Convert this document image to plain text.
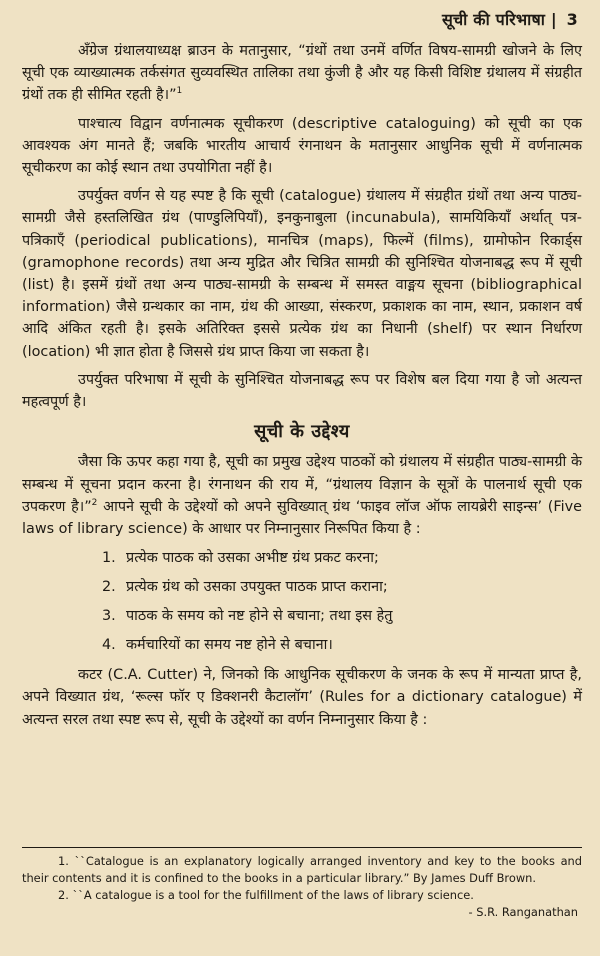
सूची की परिभाषा | 3

अँग्रेज ग्रंथालयाध्यक्ष ब्राउन के मतानुसार, “ग्रंथों तथा उनमें वर्णित विषय-सामग्री खोजने के लिए सूची एक व्याख्यात्मक तर्कसंगत सुव्यवस्थित तालिका तथा कुंजी है और यह किसी विशिष्ट ग्रंथालय में संग्रहीत ग्रंथों तक ही सीमित रहती है।”$^1$

पाश्चात्य विद्वान वर्णनात्मक सूचीकरण (descriptive cataloguing) को सूची का एक आवश्यक अंग मानते हैं; जबकि भारतीय आचार्य रंगनाथन के मतानुसार आधुनिक सूची में वर्णनात्मक सूचीकरण का कोई स्थान तथा उपयोगिता नहीं है।

उपर्युक्त वर्णन से यह स्पष्ट है कि सूची (catalogue) ग्रंथालय में संग्रहीत ग्रंथों तथा अन्य पाठ्य-सामग्री जैसे हस्तलिखित ग्रंथ (पाण्डुलिपियाँ), इनकुनाबुला (incunabula), सामयिकियाँ अर्थात् पत्र-पत्रिकाएँ (periodical publications), मानचित्र (maps), फिल्में (films), ग्रामोफोन रिकार्ड्स (gramophone records) तथा अन्य मुद्रित और चित्रित सामग्री की सुनिश्चित योजनाबद्ध रूप में सूची (list) है। इसमें ग्रंथों तथा अन्य पाठ्य-सामग्री के सम्बन्ध में समस्त वाङ्मय सूचना (bibliographical information) जैसे ग्रन्थकार का नाम, ग्रंथ की आख्या, संस्करण, प्रकाशक का नाम, स्थान, प्रकाशन वर्ष आदि अंकित रहती है। इसके अतिरिक्त इससे प्रत्येक ग्रंथ का निधानी (shelf) पर स्थान निर्धारण (location) भी ज्ञात होता है जिससे ग्रंथ प्राप्त किया जा सकता है।

उपर्युक्त परिभाषा में सूची के सुनिश्चित योजनाबद्ध रूप पर विशेष बल दिया गया है जो अत्यन्त महत्वपूर्ण है।

सूची के उद्देश्य

जैसा कि ऊपर कहा गया है, सूची का प्रमुख उद्देश्य पाठकों को ग्रंथालय में संग्रहीत पाठ्य-सामग्री के सम्बन्ध में सूचना प्रदान करना है। रंगनाथन की राय में, “ग्रंथालय विज्ञान के सूत्रों के पालनार्थ सूची एक उपकरण है।”$^2$ आपने सूची के उद्देश्यों को अपने सुविख्यात् ग्रंथ ‘फाइव लॉज ऑफ लायब्रेरी साइन्स’ (Five laws of library science) के आधार पर निम्नानुसार निरूपित किया है :

1. प्रत्येक पाठक को उसका अभीष्ट ग्रंथ प्रकट करना;
2. प्रत्येक ग्रंथ को उसका उपयुक्त पाठक प्राप्त कराना;
3. पाठक के समय को नष्ट होने से बचाना; तथा इस हेतु
4. कर्मचारियों का समय नष्ट होने से बचाना।

कटर (C.A. Cutter) ने, जिनको कि आधुनिक सूचीकरण के जनक के रूप में मान्यता प्राप्त है, अपने विख्यात ग्रंथ, ‘रूल्स फॉर ए डिक्शनरी कैटालॉग’ (Rules for a dictionary catalogue) में अत्यन्त सरल तथा स्पष्ट रूप से, सूची के उद्देश्यों का वर्णन निम्नानुसार किया है :

1. ``Catalogue is an explanatory logically arranged inventory and key to the books and their contents and it is confined to the books in a particular library.” By James Duff Brown.

2. ``A catalogue is a tool for the fulfillment of the laws of library science.

- S.R. Ranganathan
